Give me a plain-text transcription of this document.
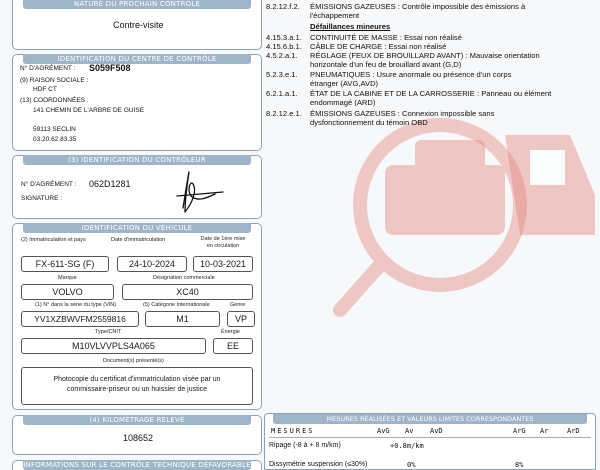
NATURE DU PROCHAIN CONTRÔLE
Contre-visite
IDENTIFICATION DU CENTRE DE CONTRÔLE
N° D'AGRÉMENT : S059F508
(9) RAISON SOCIALE :
HDF CT
(13) COORDONNÉES :
141 CHEMIN DE L'ARBRE DE GUISE
59113 SECLIN
03.20.62.83.35
(3) IDENTIFICATION DU CONTRÔLEUR
N° D'AGRÉMENT : 062D1281
SIGNATURE :
IDENTIFICATION DU VÉHICULE
(2) Immatriculation et pays	Date d'immatriculation	Date de 1ère mise en circulation
FX-611-SG (F)	24-10-2024	10-03-2021
Marque	Désignation commerciale
VOLVO	XC40
(1) N° dans la série du type (VIN)	(5) Catégorie internationale	Genre
YV1XZBWVFM2559816	M1	VP
Type/CNIT	Énergie
M10VLVVPLS4A065	EE
Document(s) présenté(s)
Photocopie du certificat d'immatriculation visée par un
commissaire-priseur ou un huissier de justice
(4) KILOMÉTRAGE RELEVÉ
108652
INFORMATIONS SUR LE CONTRÔLE TECHNIQUE DÉFAVORABLE
8.2.12.f.2. ÉMISSIONS GAZEUSES : Contrôle impossible des émissions à
l'échappement
Défaillances mineures
4.15.3.a.1. CONTINUITÉ DE MASSE : Essai non réalisé
4.15.6.b.1. CÂBLE DE CHARGE : Essai non réalisé
4.5.2.a.1. RÉGLAGE (FEUX DE BROUILLARD AVANT) : Mauvaise orientation
horizontale d'un feu de brouillard avant (G,D)
5.2.3.e.1. PNEUMATIQUES : Usure anormale ou présence d'un corps
étranger (AVG,AVD)
6.2.1.a.1. ÉTAT DE LA CABINE ET DE LA CARROSSERIE : Panneau ou élément
endommagé (ARD)
8.2.12.e.1. ÉMISSIONS GAZEUSES : Connexion impossible sans
dysfonctionnement du témoin OBD
MESURES RÉALISÉES ET VALEURS LIMITES CORRESPONDANTES
MESURES	AvG Av AvD	ArG Ar	ArD
Ripage (-8 à + 8 m/km)	+0.8m/km
Dissymétrie suspension (≤30%)	0%	8%
